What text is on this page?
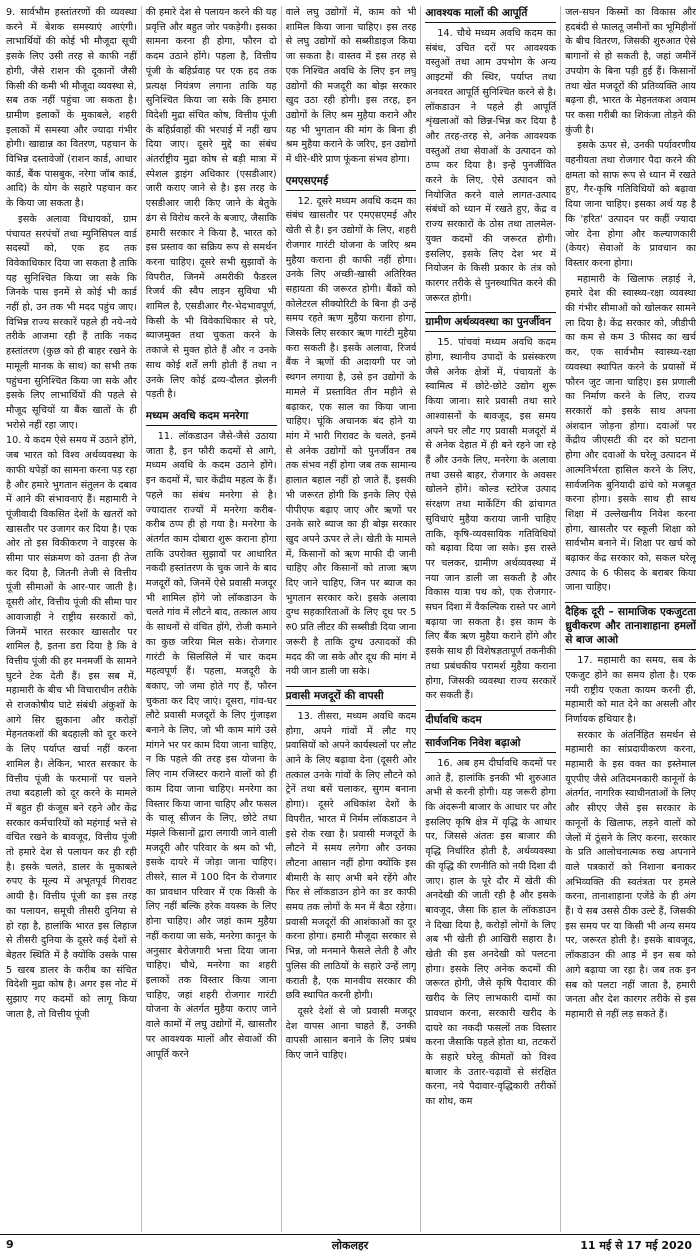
9. सार्वभौम हस्तांतरणों की व्यवस्था करने में बेशक समस्याएं आएंगी। लाभार्थियों की कोई भी मौजूदा सूची इसके लिए उसी तरह से काफी नहीं होगी, जैसे राशन की दूकानों जैसी किसी की कमी भी मौजूदा व्यवस्था से, सब तक नहीं पहुंचा जा सकता है। ग्रामीण इलाकों के मुकाबले, शहरी इलाकों में समस्या और ज्यादा गंभीर होगी। खाद्यान्न का वितरण, पहचान के विभिन्न दस्तावेजों (राशन कार्ड, आधार कार्ड, बैंक पासबुक, नरेगा जॉब कार्ड, आदि) के योग के सहारे पहचान कर के किया जा सकता है।

इसके अलावा विधायकों, ग्राम पंचायत सरपंचों तथा म्युनिसिपल वार्ड सदस्यों को, एक हद तक विवेकाधिकार दिया जा सकता है ताकि यह सुनिश्चित किया जा सके कि जिनके पास इनमें से कोई भी कार्ड नहीं हो, उन तक भी मदद पहुंच जाए। विभिन्न राज्य सरकारें पहले ही नये-नये तरीके आजमा रही हैं ताकि नकद हस्तांतरण (कुछ को ही बाहर रखने के मामूली मानक के साथ) का सभी तक पहुंचना सुनिश्चित किया जा सके और इसके लिए लाभार्थियों की पहले से मौजूद सूचियों या बैंक खातों के ही भरोसे नहीं रहा जाए।

10. ये कदम ऐसे समय में उठाने होंगे, जब भारत को विश्व अर्थव्यवस्था के काफी थपेड़ों का सामना करना पड़ रहा है और हमारे भुगतान संतुलन के दबाव में आने की संभावनाएं हैं। महामारी ने पूंजीवादी विकसित देशों के खतरों को खासतौर पर उजागर कर दिया है। एक ओर तो इस विकीकरण ने वाइरस के सीमा पार संक्रमण को उतना ही तेज कर दिया है, जितनी तेजी से वित्तीय पूंजी सीमाओं के आर-पार जाती है। दूसरी ओर, वित्तीय पूंजी की सीमा पार आवाजाही ने राष्ट्रीय सरकारों को, जिनमें भारत सरकार खासतौर पर शामिल है, इतना डरा दिया है कि वे वित्तीय पूंजी की हर मनमर्जी के सामने घुटने टेक देती हैं। इस सब में, महामारी के बीच भी विचाराधीन तरीके से राजकोषीय घाटे संबंधी अंकुशों के आगे सिर झुकाना और करोड़ों मेहनतकशों की बदहाली को दूर करने के लिए पर्याप्त खर्चा नहीं करना शामिल है। लेकिन, भारत सरकार के वित्तीय पूंजी के फरमानों पर चलने तथा बदहाली को दूर करने के मामले में बहुत ही कंजूस बने रहने और केंद्र सरकार कर्मचारियों को महंगाई भत्ते से वंचित रखने के बावजूद, वित्तीय पूंजी तो हमारे देश से पलायन कर ही रही है। इसके चलते, डालर के मुकाबले रुपए के मूल्य में अभूतपूर्व गिरावट आयी है। वित्तीय पूंजी का इस तरह का पलायन, समूची तीसरी दुनिया से हो रहा है, हालांकि भारत इस लिहाज से तीसरी दुनिया के दूसरे कई देशों से बेहतर स्थिति में है क्योंकि उसके पास 5 खरब डालर के करीब का संचित विदेशी मुद्रा कोष है। अगर इस नोट में सुझाए गए कदमों को लागू किया जाता है, तो वित्तीय पूंजी

की हमारे देश से पलायन करने की यह प्रवृत्ति और बहुत जोर पकड़ेगी। इसका सामना करना ही होगा, फौरन दो कदम उठाने होंगे। पहला है, वित्तीय पूंजी के बहिर्प्रवाह पर एक हद तक प्रत्यक्ष नियंत्रण लगाना ताकि यह सुनिश्चित किया जा सके कि हमारा विदेशी मुद्रा संचित कोष, वित्तीय पूंजी के बहिर्प्रवाहों की भरपाई में नहीं खप दिया जाए। दूसरे मुद्दे का संबंध अंतर्राष्ट्रीय मुद्रा कोष से बड़ी मात्रा में स्पेशल ड्राइंग अधिकार (एसडीआर) जारी कराए जाने से है। इस तरह के एसडीआर जारी किए जाने के बेतुके ढंग से विरोध करने के बजाए, जैसाकि हमारी सरकार ने किया है, भारत को इस प्रस्ताव का सक्रिय रूप से समर्थन करना चाहिए। दूसरे सभी सुझावों के विपरीत, जिनमें अमरीकी फैडरल रिजर्व की स्वैप लाइन सुविधा भी शामिल है, एसडीआर गैर-भेदभावपूर्ण, किसी के भी विवेकाधिकार से परे, ब्याजमुक्त तथा चुकता करने के तकाजे से मुक्त होते हैं और न उनके साथ कोई शर्तें लगी होती हैं तथा न उनके लिए कोई द्रव्य-दौलत झेलनी पड़ती है।

मध्यम अवधि कदम मनरेगा

11. लॉकडाउन जैसे-जैसे उठाया जाता है, इन फौरी कदमों से आगे, मध्यम अवधि के कदम उठाने होंगे। इन कदमों में, चार केंद्रीय महत्व के हैं। पहले का संबंध मनरेगा से है। ज्यादातर राज्यों में मनरेगा करीब-करीब ठप्प ही हो गया है। मनरेगा के अंतर्गत काम दोबारा शुरू कराना होगा ताकि उपरोक्त सुझावों पर आधारित नकदी हस्तांतरण के चुक जाने के बाद मजदूरों को, जिनमें ऐसे प्रवासी मजदूर भी शामिल होंगे जो लॉकडाउन के चलते गांव में लौटने बाद, तत्काल आय के साधनों से वंचित होंगे, रोजी कमाने का कुछ जरिया मिल सके। रोजगार गारंटी के सिलसिले में चार कदम महत्वपूर्ण हैं। पहला, मजदूरी के बकाए, जो जमा होते गए हैं, फौरन चुकता कर दिए जाएं। दूसरा, गांव-घर लौटे प्रवासी मजदूरों के लिए गुंजाइश बनाने के लिए, जो भी काम मांगे उसे मांगने भर पर काम दिया जाना चाहिए, न कि पहले की तरह इस योजना के लिए नाम रजिस्टर कराने वालों को ही काम दिया जाना चाहिए। मनरेगा का विस्तार किया जाना चाहिए और फसल के चालू सीजन के लिए, छोटे तथा मंझले किसानों द्वारा लगायी जाने वाली मजदूरी और परिवार के श्रम को भी, इसके दायरे में जोड़ा जाना चाहिए। तीसरे, साल में 100 दिन के रोजगार का प्रावधान परिवार में एक किसी के लिए नहीं बल्कि हरेक वयस्क के लिए होना चाहिए। और जहां काम मुहैया नहीं कराया जा सके, मनरेगा कानून के अनुसार बेरोजगारी भत्ता दिया जाना चाहिए। चौथे, मनरेगा का शहरी इलाकों तक विस्तार किया जाना चाहिए, जहां शहरी रोजगार गारंटी योजना के अंतर्गत मुहैया कराए जाने वाले कामों में लघु उद्योगों में, खासतौर पर आवश्यक मालों और सेवाओं की आपूर्ति करने

वाले लघु उद्योगों में, काम को भी शामिल किया जाना चाहिए। इस तरह से लघु उद्योगों को सब्सीडाइज किया जा सकता है। वास्तव में इस तरह से एक निश्चित अवधि के लिए इन लघु उद्योगों की मजदूरी का बोझ सरकार खुद उठा रही होगी। इस तरह, इन उद्योगों के लिए श्रम मुहैया कराने और यह भी भुगतान की मांग के बिना ही श्रम मुहैया कराने के जरिए, इन उद्योगों में धीरे-धीरे प्राण फूंकना संभव होगा।

एमएसएमई

12. दूसरे मध्यम अवधि कदम का संबंध खासतौर पर एमएसएमई और खेती से है। इन उद्योगों के लिए, शहरी रोजगार गारंटी योजना के जरिए श्रम मुहैया कराना ही काफी नहीं होगा। उनके लिए अच्छी-खासी अतिरिक्त सहायता की जरूरत होगी। बैंकों को कोलेटरल सीक्योरिटी के बिना ही उन्हें समय रहते ऋण मुहैया कराना होगा, जिसके लिए सरकार ऋण गारंटी मुहैया करा सकती है। इसके अलावा, रिजर्व बैंक ने ऋणों की अदायगी पर जो स्थगन लगाया है, उसे इन उद्योगों के मामले में प्रस्तावित तीन महीने से बढ़ाकर, एक साल का किया जाना चाहिए। चूंकि अचानक बंद होने या मांग में भारी गिरावट के चलते, इनमें से अनेक उद्योगों को पुनर्जीवन तब तक संभव नहीं होगा जब तक सामान्य हालात बहाल नहीं हो जाते हैं, इसकी भी जरूरत होगी कि इनके लिए ऐसे पीपीएफ बढ़ाए जाए और ऋणों पर उनके सारे ब्याज का ही बोझ सरकार खुद अपने ऊपर ले ले। खेती के मामले में, किसानों को ऋण माफी दी जानी चाहिए और किसानों को ताजा ऋण दिए जाने चाहिए, जिन पर ब्याज का भुगतान सरकार करे। इसके अलावा दुग्ध सहकारिताओं के लिए दूध पर 5 रु0 प्रति लीटर की सब्सीडी दिया जाना जरूरी है ताकि दुग्ध उत्पादकों की मदद की जा सके और दूध की मांग में नयी जान डाली जा सके।

प्रवासी मजदूरों की वापसी

13. तीसरा, मध्यम अवधि कदम होगा, अपने गांवों में लौट गए प्रवासियों को अपने कार्यस्थलों पर लौट आने के लिए बढ़ावा देना (दूसरी ओर तत्काल उनके गांवों के लिए लौटने को ट्रेनें तथा बसें चलाकर, सुगम बनाना होगा)। दूसरे अधिकांश देशों के विपरीत, भारत में निर्मम लॉकडाउन ने इसे रोक रखा है। प्रवासी मजदूरों के लौटने में समय लगेगा और उनका लौटना आसान नहीं होगा क्योंकि इस बीमारी के साए अभी बने रहेंगे और फिर से लॉकडाउन होने का डर काफी समय तक लोगों के मन में बैठा रहेगा। प्रवासी मजदूरों की आशंकाओं का दूर करना होगा। हमारी मौजूदा सरकार से भिन्न, जो मनमाने फैसले लेती है और पुलिस की लाठियों के सहारे उन्हें लागू कराती है, एक मानवीय सरकार की छवि स्थापित करनी होगी।

दूसरे देशों से जो प्रवासी मजदूर देश वापस आना चाहते हैं, उनकी वापसी आसान बनाने के लिए प्रबंध किए जाने चाहिए।

आवश्यक मालों की आपूर्ति

14. चौथे मध्यम अवधि कदम का संबंध, उचित दरों पर आवश्यक वस्तुओं तथा आम उपभोग के अन्य आइटमों की स्थिर, पर्याप्त तथा अनवरत आपूर्ति सुनिश्चित करने से है। लॉकडाउन ने पहले ही आपूर्ति शृंखलाओं को छिन्न-भिन्न कर दिया है और तरह-तरह से, अनेक आवश्यक वस्तुओं तथा सेवाओं के उत्पादन को ठप्प कर दिया है। इन्हें पुनर्जीवित करने के लिए, ऐसे उत्पादन को नियोजित करने वाले लागत-उत्पाद संबंधों को ध्यान में रखते हुए, केंद्र व राज्य सरकारों के ठोस तथा तालमेल-युक्त कदमों की जरूरत होगी। इसलिए, इसके लिए देश भर में नियोजन के किसी प्रकार के तंत्र को कारगर तरीके से पुनस्र्थापित करने की जरूरत होगी।

ग्रामीण अर्थव्यवस्था का पुनर्जीवन

15. पांचवां मध्यम अवधि कदम होगा, स्थानीय उपादों के प्रसंस्करण जैसे अनेक क्षेत्रों में, पंचायतों के स्वामित्व में छोटे-छोटे उद्योग शुरू किया जाना। सारे प्रवासी तथा सारे आश्वासनों के बावजूद, इस समय अपने घर लौट गए प्रवासी मजदूरों में से अनेक देहात में ही बने रहने जा रहे हैं और उनके लिए, मनरेगा के अलावा तथा उससे बाहर, रोजगार के अवसर खोलने होंगे। कोल्ड स्टोरेज उत्पाद संरक्षण तथा मार्केटिंग की ढांचागत सुविधाएं मुहैया कराया जानी चाहिए ताकि, कृषि-व्यवसायिक गतिविधियों को बढ़ावा दिया जा सके। इस रास्ते पर चलकर, ग्रामीण अर्थव्यवस्था में नया जान डाली जा सकती है और विकास यात्रा पथ को, एक रोजगार-सघन दिशा में वैकल्पिक रास्ते पर आगे बढ़ाया जा सकता है। इस काम के लिए बैंक ऋण मुहैया कराने होंगे और इसके साथ ही विशेषज्ञतापूर्ण तकनीकी तथा प्रबंधकीय परामर्श मुहैया कराना होगा, जिसकी व्यवस्था राज्य सरकारें कर सकती हैं।

दीर्घावधि कदम
सार्वजनिक निवेश बढ़ाओ

16. अब हम दीर्घावधि कदमों पर आते हैं, हालांकि इनकी भी शुरुआत अभी से करनी होगी। यह जरूरी होगा कि अंदरूनी बाजार के आधार पर और इसलिए कृषि क्षेत्र में वृद्धि के आधार पर, जिससे अंततः इस बाजार की वृद्धि निर्धारित होती है, अर्थव्यवस्था की वृद्धि की रणनीति को नयी दिशा दी जाए। हाल के पूरे दौर में खेती की अनदेखी की जाती रही है और इसके बावजूद, जैसा कि हाल के लॉकडाउन ने दिखा दिया है, करोड़ों लोगों के लिए अब भी खेती ही आखिरी सहारा है। खेती की इस अनदेखी को पलटना होगा। इसके लिए अनेक कदमों की जरूरत होगी, जैसे कृषि पैदावार की खरीद के लिए लाभकारी दामों का प्रावधान करना, सरकारी खरीद के दायरे का नकदी फसलों तक विस्तार करना जैसाकि पहले होता था, तटकरों के सहारे घरेलू कीमतों को विश्व बाजार के उतार-चढ़ावों से संरक्षित करना, नये पैदावार-वृद्धिकारी तरीकों का शोध, कम

जल-सघन किस्मों का विकास और हदबंदी से फालतू जमीनों का भूमिहीनों के बीच वितरण, जिसकी शुरुआत ऐसे बागानों से हो सकती है, जहां जमीनें उपयोग के बिना पड़ी हुई हैं। किसानों तथा खेत मजदूरों की प्रतिव्यक्ति आय बढ़ना ही, भारत के मेहनतकश अवाम पर कसा गरीबी का शिकंजा तोड़ने की कुंजी है।

इसके ऊपर से, उनकी पर्यावरणीय वहनीयता तथा रोजगार पैदा करने की क्षमता को साफ रूप से ध्यान में रखते हुए, गैर-कृषि गतिविधियों को बढ़ावा दिया जाना चाहिए। इसका अर्थ यह है कि 'हरित' उत्पादन पर कहीं ज्यादा जोर देना होगा और कल्याणकारी (केयर) सेवाओं के प्रावधान का विस्तार करना होगा।

महामारी के खिलाफ लड़ाई ने, हमारे देश की स्वास्थ्य-रक्षा व्यवस्था की गंभीर सीमाओं को खोलकर सामने ला दिया है। केंद्र सरकार को, जीडीपी का कम से कम 3 फीसद का खर्च कर, एक सार्वभौम स्वास्थ्य-रक्षा व्यवस्था स्थापित करने के प्रयासों में फौरन जुट जाना चाहिए। इस प्रणाली का निर्माण करने के लिए, राज्य सरकारों को इसके साथ अपना अंशदान जोड़ना होगा। दवाओं पर केंद्रीय जीएसटी की दर को घटाना होगा और दवाओं के घरेलू उत्पादन में आत्मनिर्भरता हासिल करने के लिए, सार्वजनिक बुनियादी ढांचे को मजबूत करना होगा। इसके साथ ही साथ शिक्षा में उल्लेखनीय निवेश करना होगा, खासतौर पर स्कूली शिक्षा को सार्वभौम बनाने में। शिक्षा पर खर्च को बढ़ाकर केंद्र सरकार को, सकल घरेलू उत्पाद के 6 फीसद के बराबर किया जाना चाहिए।

दैहिक दूरी – सामाजिक एकजुटता ध्रुवीकरण और तानाशाहाना हमलों से बाज आओ

17. महामारी का समय, सब के एकजुट होने का समय होता है। एक नयी राष्ट्रीय एकता कायम करनी ही, महामारी को मात देने का असली और निर्णायक हथियार है।

सरकार के अंतर्निहित समर्थन से महामारी का सांप्रदायीकरण करना, महामारी के इस वक्त का इस्तेमाल यूएपीए जैसे अतिदमनकारी कानूनों के अंतर्गत, नागरिक स्वाधीनताओं के लिए और सीएए जैसे इस सरकार के कानूनों के खिलाफ, लड़ने वालों को जेलों में ठूंसने के लिए करना, सरकार के प्रति आलोचनात्मक रुख अपनाने वाले पत्रकारों को निशाना बनाकर अभिव्यक्ति की स्वतंत्रता पर हमले करना, तानाशाहाना एजेंडे के ही अंग हैं। ये सब उससे ठीक उल्टे हैं, जिसकी इस समय पर या किसी भी अन्य समय पर, जरूरत होती है। इसके बावजूद, लॉकडाउन की आड़ में इन सब को आगे बढ़ाया जा रहा है। जब तक इन सब को पलटा नहीं जाता है, हमारी जनता और देश कारगर तरीके से इस महामारी से नहीं लड़ सकते हैं।

9	लोकलहर	11 मई से 17 मई 2020
